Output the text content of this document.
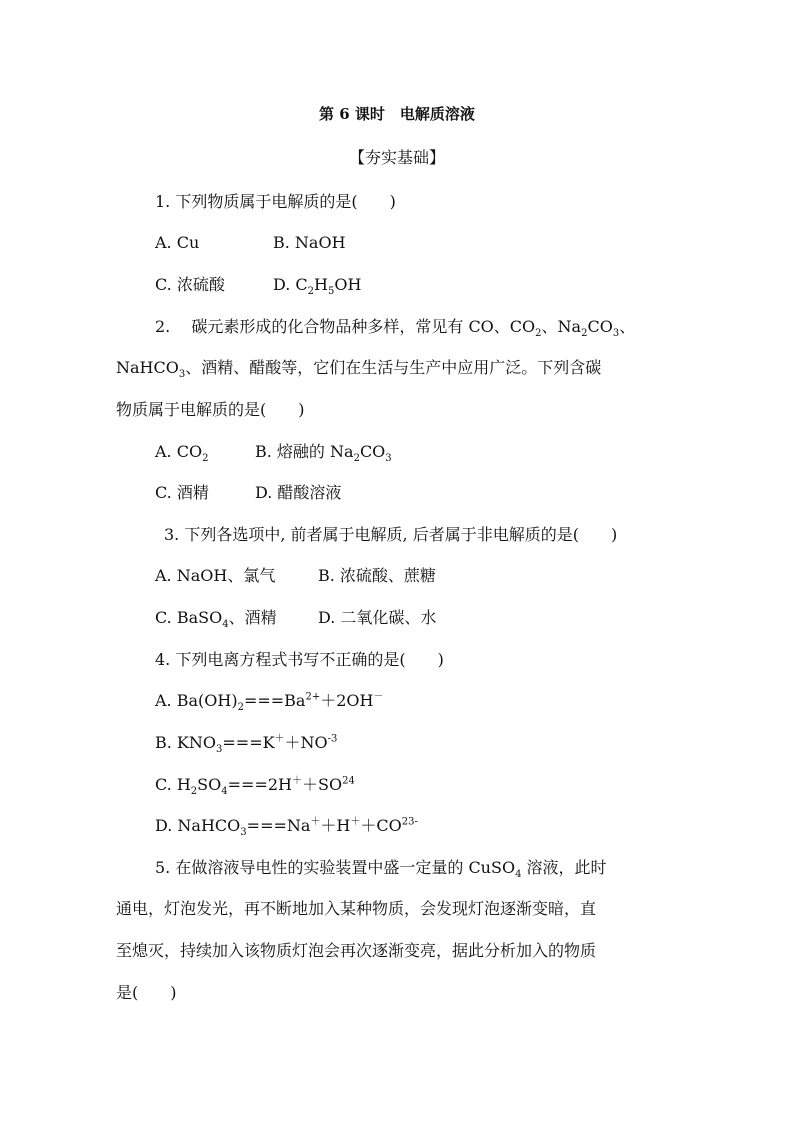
第 6 课时　电解质溶液
【夯实基础】
1. 下列物质属于电解质的是(　　)
A. Cu	B. NaOH
C. 浓硫酸	D. $C_2H_5OH$
2.　 碳元素形成的化合物品种多样，常见有 CO、$CO_2$、$Na_2CO_3$、
NaHCO$_3$、酒精、醋酸等，它们在生活与生产中应用广泛。下列含碳
物质属于电解质的是(　　)
A. $CO_2$	B. 熔融的 $Na_2CO_3$
C. 酒精	D. 醋酸溶液
3. 下列各选项中, 前者属于电解质, 后者属于非电解质的是(　　)
A. NaOH、氯气	B. 浓硫酸、蔗糖
C. BaSO$_4$、酒精	D. 二氧化碳、水
4. 下列电离方程式书写不正确的是(　　)
A. $Ba(OH)_2===Ba^{2+}+2OH^-$
B. $KNO_3===K^++NO^{-3}$
C. $H_2SO_4===2H^++SO^{24}$
D. $NaHCO_3===Na^++H^++CO^{23-}$
5. 在做溶液导电性的实验装置中盛一定量的 CuSO$_4$ 溶液，此时
通电，灯泡发光，再不断地加入某种物质，会发现灯泡逐渐变暗，直
至熄灭，持续加入该物质灯泡会再次逐渐变亮，据此分析加入的物质
是(　　)
